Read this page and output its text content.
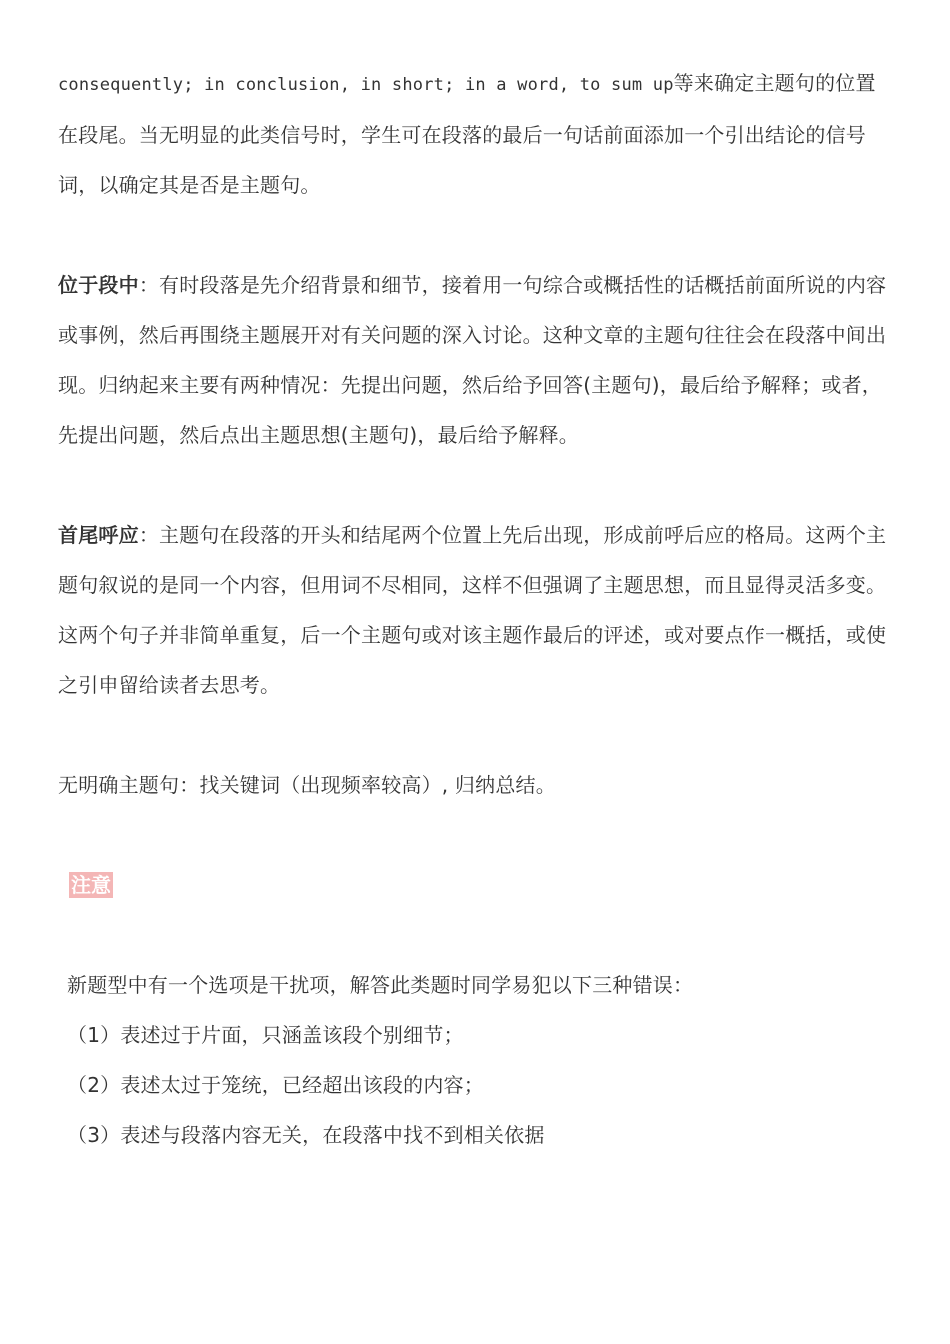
consequently; in conclusion, in short; in a word, to sum up等来确定主题句的位置在段尾。当无明显的此类信号时，学生可在段落的最后一句话前面添加一个引出结论的信号词，以确定其是否是主题句。

位于段中：有时段落是先介绍背景和细节，接着用一句综合或概括性的话概括前面所说的内容或事例，然后再围绕主题展开对有关问题的深入讨论。这种文章的主题句往往会在段落中间出现。归纳起来主要有两种情况：先提出问题，然后给予回答(主题句)，最后给予解释；或者，先提出问题，然后点出主题思想(主题句)，最后给予解释。

首尾呼应：主题句在段落的开头和结尾两个位置上先后出现，形成前呼后应的格局。这两个主题句叙说的是同一个内容，但用词不尽相同，这样不但强调了主题思想，而且显得灵活多变。这两个句子并非简单重复，后一个主题句或对该主题作最后的评述，或对要点作一概括，或使之引申留给读者去思考。

无明确主题句：找关键词（出现频率较高）, 归纳总结。

注意

新题型中有一个选项是干扰项，解答此类题时同学易犯以下三种错误：

（1）表述过于片面，只涵盖该段个别细节；

（2）表述太过于笼统，已经超出该段的内容；

（3）表述与段落内容无关，在段落中找不到相关依据
